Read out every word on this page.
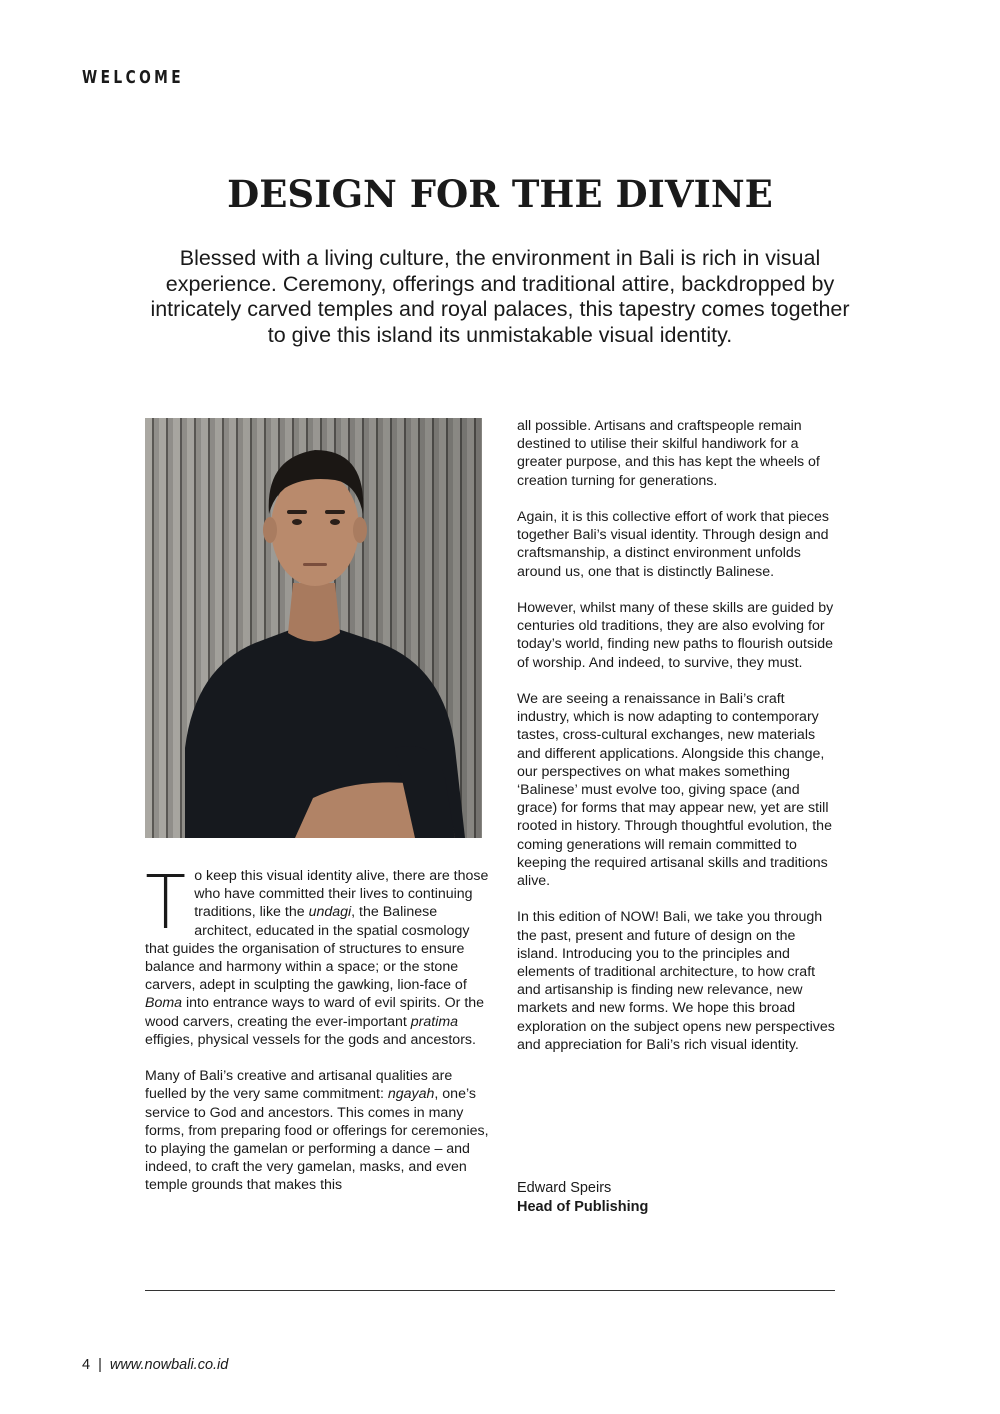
WELCOME
DESIGN FOR THE DIVINE

Blessed with a living culture, the environment in Bali is rich in visual experience. Ceremony, offerings and traditional attire, backdropped by intricately carved temples and royal palaces, this tapestry comes together to give this island its unmistakable visual identity.

To keep this visual identity alive, there are those who have committed their lives to continuing traditions, like the undagi, the Balinese architect, educated in the spatial cosmology that guides the organisation of structures to ensure balance and harmony within a space; or the stone carvers, adept in sculpting the gawking, lion-face of Boma into entrance ways to ward of evil spirits. Or the wood carvers, creating the ever-important pratima effigies, physical vessels for the gods and ancestors.

Many of Bali’s creative and artisanal qualities are fuelled by the very same commitment: ngayah, one’s service to God and ancestors. This comes in many forms, from preparing food or offerings for ceremonies, to playing the gamelan or performing a dance – and indeed, to craft the very gamelan, masks, and even temple grounds that makes this

all possible. Artisans and craftspeople remain destined to utilise their skilful handiwork for a greater purpose, and this has kept the wheels of creation turning for generations.

Again, it is this collective effort of work that pieces together Bali’s visual identity. Through design and craftsmanship, a distinct environment unfolds around us, one that is distinctly Balinese.

However, whilst many of these skills are guided by centuries old traditions, they are also evolving for today’s world, finding new paths to flourish outside of worship. And indeed, to survive, they must.

We are seeing a renaissance in Bali’s craft industry, which is now adapting to contemporary tastes, cross-cultural exchanges, new materials and different applications. Alongside this change, our perspectives on what makes something ‘Balinese’ must evolve too, giving space (and grace) for forms that may appear new, yet are still rooted in history. Through thoughtful evolution, the coming generations will remain committed to keeping the required artisanal skills and traditions alive.

In this edition of NOW! Bali, we take you through the past, present and future of design on the island. Introducing you to the principles and elements of traditional architecture, to how craft and artisanship is finding new relevance, new markets and new forms. We hope this broad exploration on the subject opens new perspectives and appreciation for Bali’s rich visual identity.

Edward Speirs
Head of Publishing
4 | www.nowbali.co.id
